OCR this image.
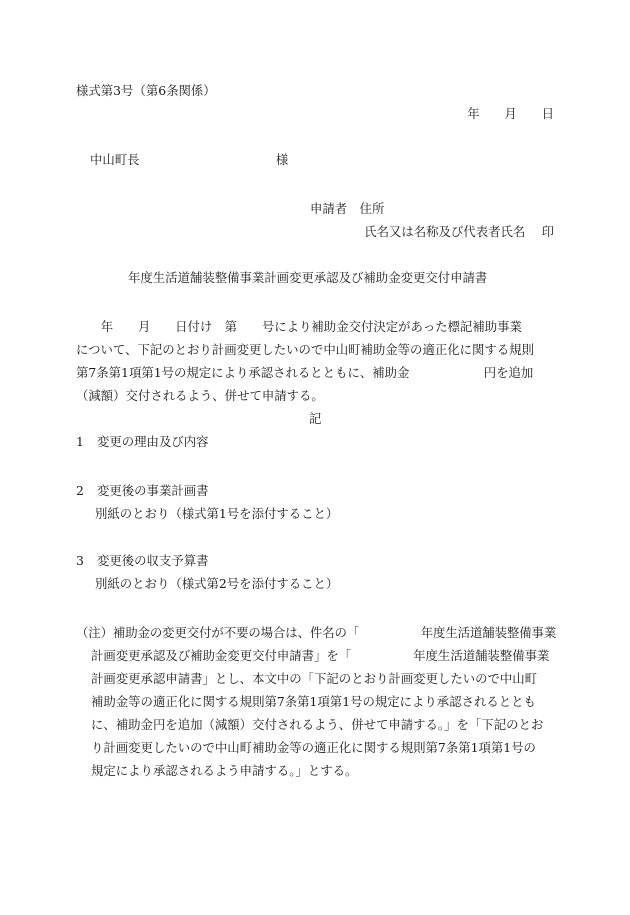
様式第3号（第6条関係）
年　　月　　日
中山町長　　　　　　　　　　　様
申請者　住所
氏名又は名称及び代表者氏名　 印
年度生活道舗装整備事業計画変更承認及び補助金変更交付申請書
　　年　　月　　日付け　第　　号により補助金交付決定があった標記補助事業
について、下記のとおり計画変更したいので中山町補助金等の適正化に関する規則
第7条第1項第1号の規定により承認されるとともに、補助金　　　　　　円を追加
（減額）交付されるよう、併せて申請する。
記
1 変更の理由及び内容
2 変更後の事業計画書
別紙のとおり（様式第1号を添付すること）
3 変更後の収支予算書
別紙のとおり（様式第2号を添付すること）
（注）補助金の変更交付が不要の場合は、件名の「　　　　　年度生活道舗装整備事業
計画変更承認及び補助金変更交付申請書」を「　　　　　年度生活道舗装整備事業
計画変更承認申請書」とし、本文中の「下記のとおり計画変更したいので中山町
補助金等の適正化に関する規則第7条第1項第1号の規定により承認されるととも
に、補助金円を追加（減額）交付されるよう、併せて申請する。」を「下記のとお
り計画変更したいので中山町補助金等の適正化に関する規則第7条第1項第1号の
規定により承認されるよう申請する。」とする。
